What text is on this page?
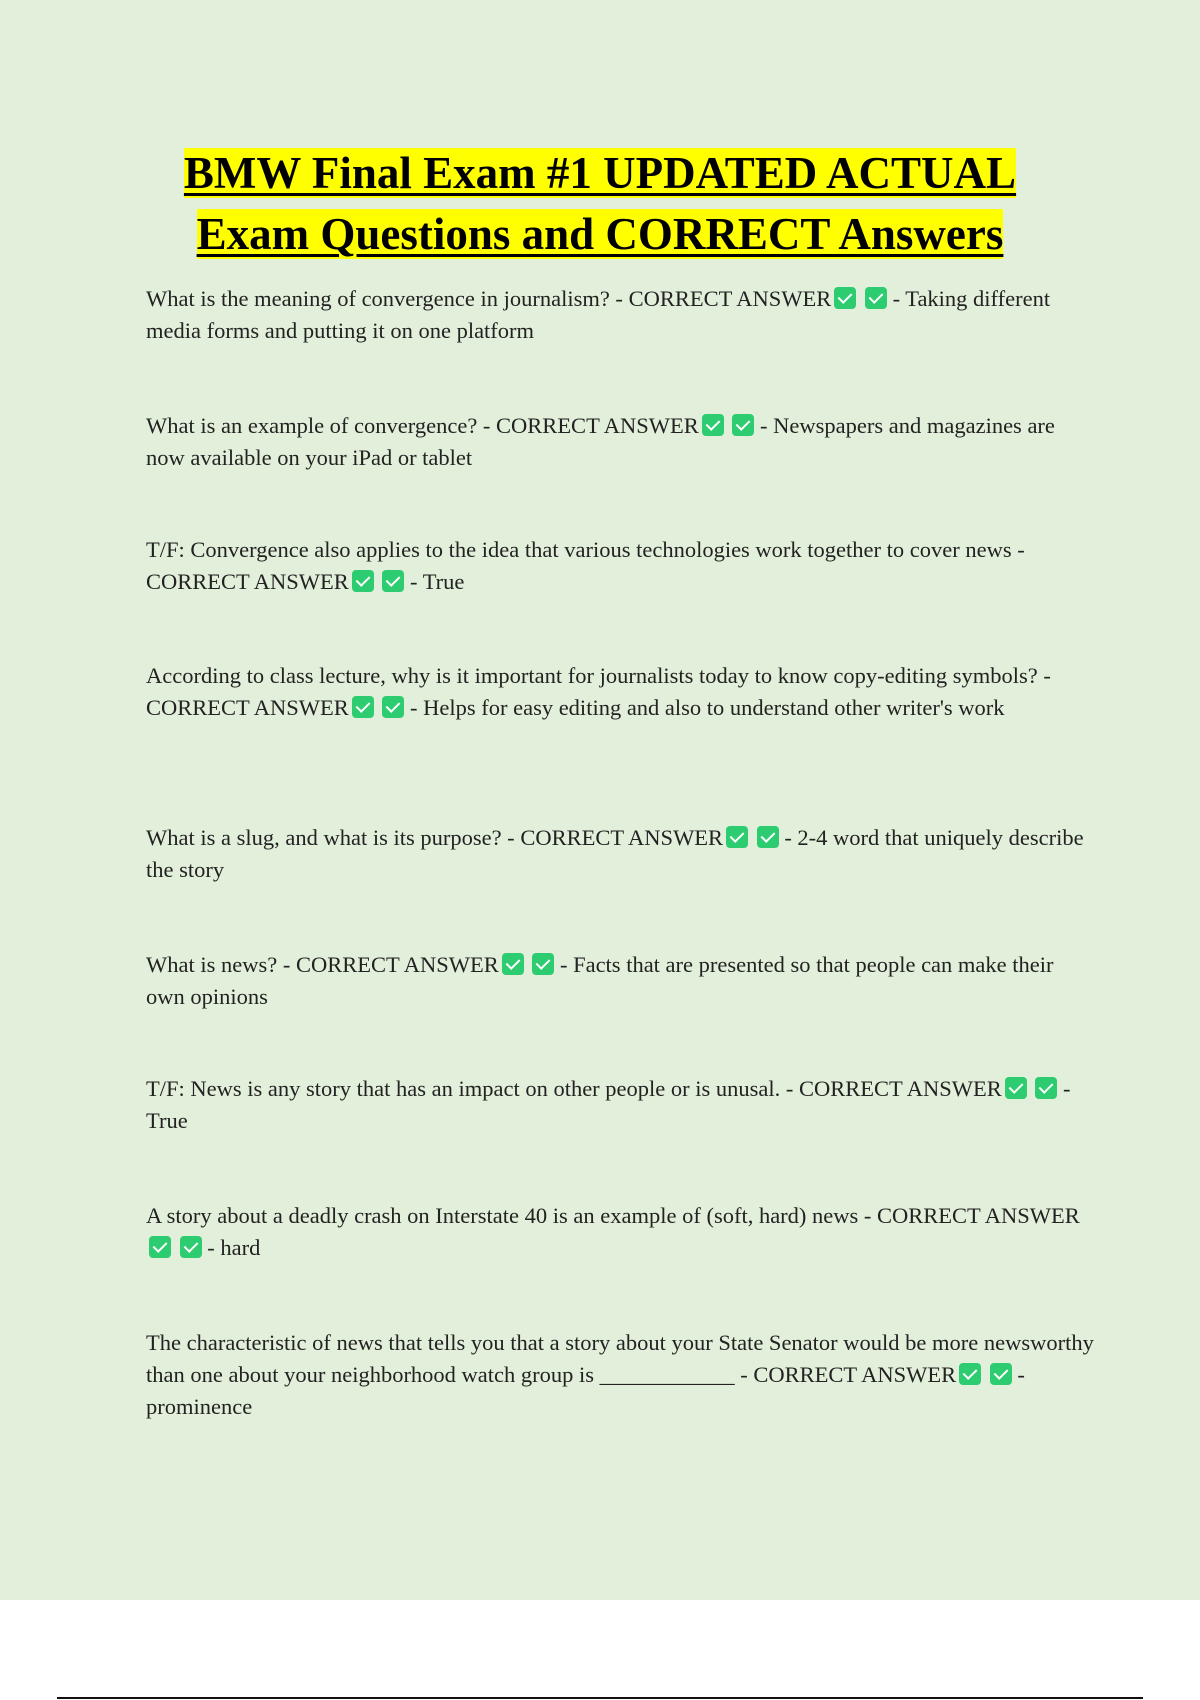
BMW Final Exam #1 UPDATED ACTUAL
Exam Questions and CORRECT Answers
What is the meaning of convergence in journalism? - CORRECT ANSWER  - Taking different media forms and putting it on one platform
What is an example of convergence? - CORRECT ANSWER  - Newspapers and magazines are now available on your iPad or tablet
T/F: Convergence also applies to the idea that various technologies work together to cover news - CORRECT ANSWER  - True
According to class lecture, why is it important for journalists today to know copy-editing symbols? - CORRECT ANSWER  - Helps for easy editing and also to understand other writer's work
What is a slug, and what is its purpose? - CORRECT ANSWER  - 2-4 word that uniquely describe the story
What is news? - CORRECT ANSWER  - Facts that are presented so that people can make their own opinions
T/F: News is any story that has an impact on other people or is unusal. - CORRECT ANSWER  - True
A story about a deadly crash on Interstate 40 is an example of (soft, hard) news - CORRECT ANSWER  - hard
The characteristic of news that tells you that a story about your State Senator would be more newsworthy than one about your neighborhood watch group is ____________ - CORRECT ANSWER  - prominence
